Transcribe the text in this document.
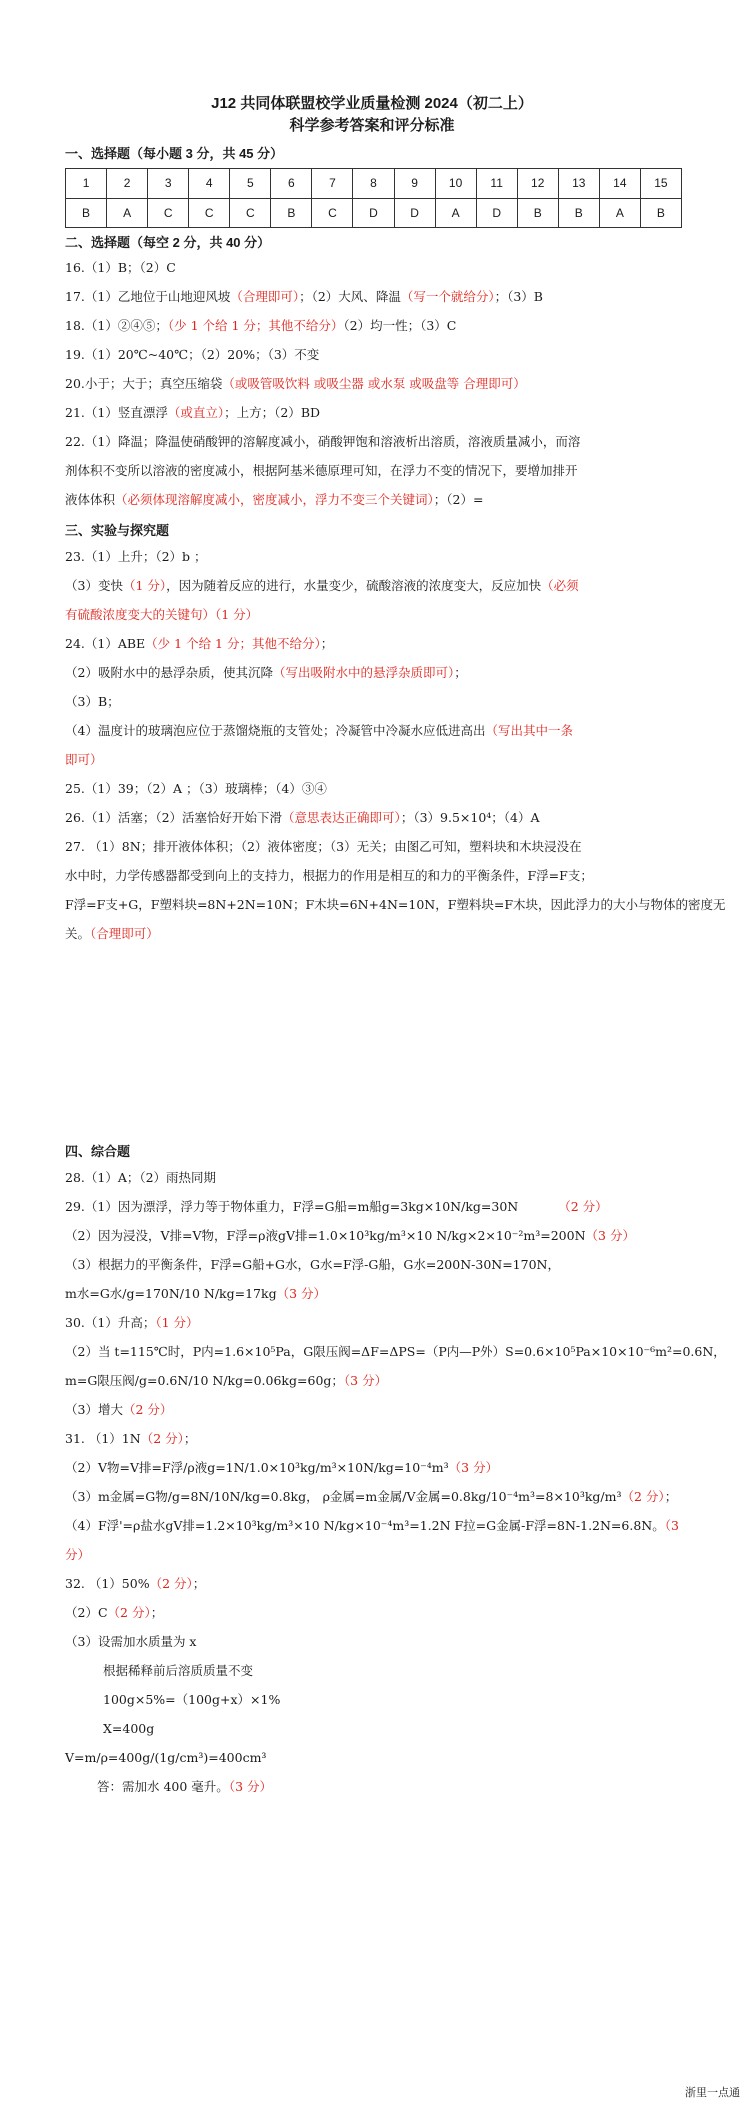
J12 共同体联盟校学业质量检测 2024（初二上）
科学参考答案和评分标准
一、选择题（每小题 3 分，共 45 分）
1	2	3	4	5	6	7	8	9	10	11	12	13	14	15
B	A	C	C	C	B	C	D	D	A	D	B	B	A	B
二、选择题（每空 2 分，共 40 分）
16.（1）B；（2）C
17.（1）乙地位于山地迎风坡（合理即可）；（2）大风、降温（写一个就给分）；（3）B
18.（1）②④⑤；（少 1 个给 1 分；其他不给分）（2）均一性；（3）C
19.（1）20℃~40℃；（2）20%；（3）不变
20.小于；大于；真空压缩袋（或吸管吸饮料 或吸尘器 或水泵 或吸盘等 合理即可）
21.（1）竖直漂浮（或直立）；上方；（2）BD
22.（1）降温；降温使硝酸钾的溶解度减小，硝酸钾饱和溶液析出溶质，溶液质量减小，而溶
剂体积不变所以溶液的密度减小，根据阿基米德原理可知，在浮力不变的情况下，要增加排开
液体体积（必须体现溶解度减小，密度减小，浮力不变三个关键词）；（2）=
三、实验与探究题
23.（1）上升；（2）b ；
（3）变快（1 分），因为随着反应的进行，水量变少，硫酸溶液的浓度变大，反应加快（必须
有硫酸浓度变大的关键句）（1 分）
24.（1）ABE（少 1 个给 1 分；其他不给分）；
（2）吸附水中的悬浮杂质，使其沉降（写出吸附水中的悬浮杂质即可）；
（3）B；
（4）温度计的玻璃泡应位于蒸馏烧瓶的支管处；冷凝管中冷凝水应低进高出（写出其中一条
即可）
25.（1）39；（2）A ；（3）玻璃棒；（4）③④
26.（1）活塞；（2）活塞恰好开始下滑（意思表达正确即可）；（3）9.5×10⁴；（4）A
27. （1）8N；排开液体体积；（2）液体密度；（3）无关；由图乙可知，塑料块和木块浸没在
水中时，力学传感器都受到向上的支持力，根据力的作用是相互的和力的平衡条件，F浮=F支；
F浮=F支+G，F塑料块=8N+2N=10N；F木块=6N+4N=10N，F塑料块=F木块，因此浮力的大小与物体的密度无
关。（合理即可）
四、综合题
28.（1）A；（2）雨热同期
29.（1）因为漂浮，浮力等于物体重力，F浮=G船=m船g=3kg×10N/kg=30N	（2 分）
（2）因为浸没，V排=V物，F浮=ρ液gV排=1.0×10³kg/m³×10 N/kg×2×10⁻²m³=200N（3 分）
（3）根据力的平衡条件，F浮=G船+G水，G水=F浮-G船，G水=200N-30N=170N，
m水=G水/g=170N/10 N/kg=17kg（3 分）
30.（1）升高；（1 分）
（2）当 t=115℃时，P内=1.6×10⁵Pa，G限压阀=ΔF=ΔPS=（P内—P外）S=0.6×10⁵Pa×10×10⁻⁶m²=0.6N，
m=G限压阀/g=0.6N/10 N/kg=0.06kg=60g；（3 分）
（3）增大（2 分）
31. （1）1N（2 分）；
（2）V物=V排=F浮/ρ液g=1N/1.0×10³kg/m³×10N/kg=10⁻⁴m³（3 分）
（3）m金属=G物/g=8N/10N/kg=0.8kg， ρ金属=m金属/V金属=0.8kg/10⁻⁴m³=8×10³kg/m³（2 分）；
（4）F浮'=ρ盐水gV排=1.2×10³kg/m³×10 N/kg×10⁻⁴m³=1.2N F拉=G金属-F浮=8N-1.2N=6.8N。（3
分）
32. （1）50%（2 分）；
（2）C（2 分）；
（3）设需加水质量为 x
根据稀释前后溶质质量不变
100g×5%=（100g+x）×1%
X=400g
V=m/ρ=400g/(1g/cm³)=400cm³
答：需加水 400 毫升。（3 分）
浙里一点通
